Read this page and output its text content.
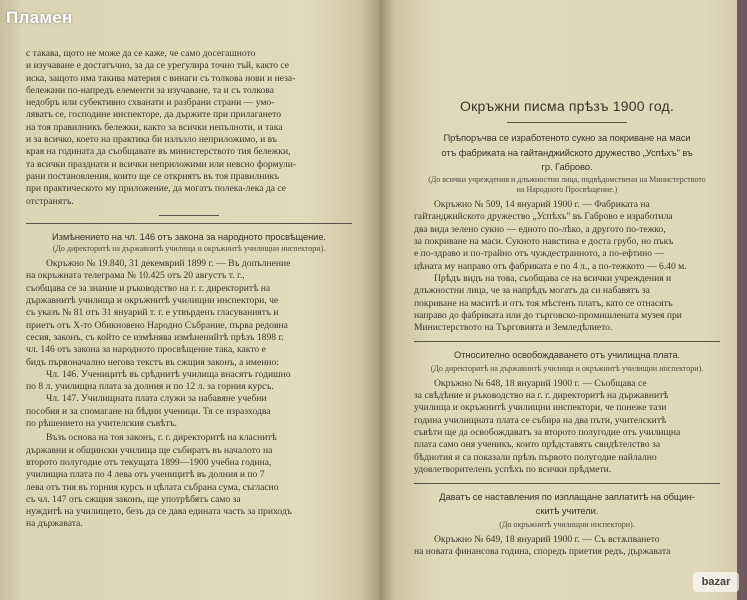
Пламен

с такава, щото не може да се каже, че само досегашното

и изучаване е достатъчно, за да се урегулира точно тъй, както се

иска, защото има такива материя с винаги съ толкова нови и неза-

бележани по-напредъ елементи за изучаване, та и съ толкова

недобръ или субективно схванати и разбрани страни — умо-

ляватъ се, господине инспекторе, да държите при прилагането

на тоя правилникъ бележки, както за всички непълноти, и така

и за всичко, което на практика би излъзло неприложимо, и въ

края на годината да съобщавате въ министерството тия бележки,

та всички празднати и всички неприложими или невсно формули-

рани постановления, които ще се откриятъ въ тоя правилникъ

при практическото му приложение, да могатъ полека-лека да се

отстранятъ.

Измѣнението на чл. 146 отъ закона за народното просвѣщение.
(До директоритѣ на държавнитѣ училища и окръжнитѣ училищни инспектори).

Окръжно № 19.840, 31 декемврий 1899 г. — Въ допълнение

на окръжната телеграма № 10.425 отъ 20 августъ т. г.,

съобщава се за знание и ръководство на г. г. директоритѣ на

държавнитѣ училища и окръжнитѣ училищни инспектори, че

съ указъ № 81 отъ 31 януарий т. г. е утвърденъ гласуваниятъ и

приетъ отъ X-то Обикновено Народно Събрание, първа редовна

сесия, законъ, съ който се измѣнява измѣненийтѣ прѣзъ 1898 г.

чл. 146 отъ закона за народното просвѣщение така, както е

бидъ първоначално негова текстъ въ сжщия законъ, а именно:

Чл. 146. Ученицитѣ въ срѣднитѣ училища внасятъ годишно

по 8 л. училищна плата за долния и по 12 л. за горния курсъ.

Чл. 147. Училищната плата служи за набавяне учебни

пособия и за спомагане на бѣдни ученици. Тя се изразходва

по рѣшението на учителския съвѣтъ.

Възъ основа на тоя законъ, г. г. директоритѣ на класнитѣ

държавни и общински училища ще събиратъ въ началото на

второто полугодие отъ текущата 1899—1900 учебна година,

училищна плата по 4 лева отъ ученицитѣ въ долния и по 7

лева отъ тия въ горния курсъ и цѣлата събрана сума, съгласно

съ чл. 147 отъ сжщия законъ, ще употрѣбятъ само за

нуждитѣ на училището, безъ да се дава едината часть за приходъ

на държавата.

Окръжни писма прѣзъ 1900 год.
Прѣпоръчва се изработеното сукно за покриване на маси
отъ фабриката на гайтанджийското дружество „Успѣхъ" въ
гр. Габрово.
(До всички учреждения и длъжностни лица, подвѣдомствени на Министерството
на Народното Просвѣщение.)

Окръжно № 509, 14 януарий 1900 г. — Фабриката на

гайтанджийското дружество „Успѣхъ" въ Габрово е изработила

два вида зелено сукно — едното по-лѣко, а другото по-тежко,

за покриване на маси. Сукното навстина е доста грубо, но пъкъ

е по-здраво и по-трайно отъ чуждестранното, а по-ефтино —

цѣната му направо отъ фабриката е по 4 л., а по-тежкото — 6.40 м.

Прѣдъ видъ на това, съобщава се на всички учреждения и

длъжностни лица, че за напрѣдъ могатъ да си набавятъ за

покриване на маситѣ и отъ тоя мѣстенъ платъ, като се отнасятъ

направо до фабриката или до търговско-промишлената музея при

Министерството на Търговията и Земледѣлието.

Относително освобождаването отъ училищна плата.
(До директоритѣ на държавнитѣ училища и окръжнитѣ училищни инспектори).

Окръжно № 648, 18 януарий 1900 г. — Съобщава се

за свѣдѣние и ръководство на г. г. директоритѣ на държавнитѣ

училища и окръжнитѣ училищни инспектори, че понеже тази

година училищната плата се събира на два пъти, учителскитѣ

съвѣти ще да освобождаватъ за второто полугодие отъ училищна

плата само оня ученикъ, които прѣдставятъ свидѣтелство за

бѣднотия и са показали прѣзъ първото полугодие найлално

удовлетворителенъ успѣхъ по всички прѣдмети.

Даватъ се наставления по изплащане заплатитѣ на общин-
скитѣ учители.
(До окръжнитѣ училищни инспектори).

Окръжно № 649, 18 януарий 1900 г. — Съ встѫпването

на новата финансова година, споредъ приетия редъ, държавата

bazar
